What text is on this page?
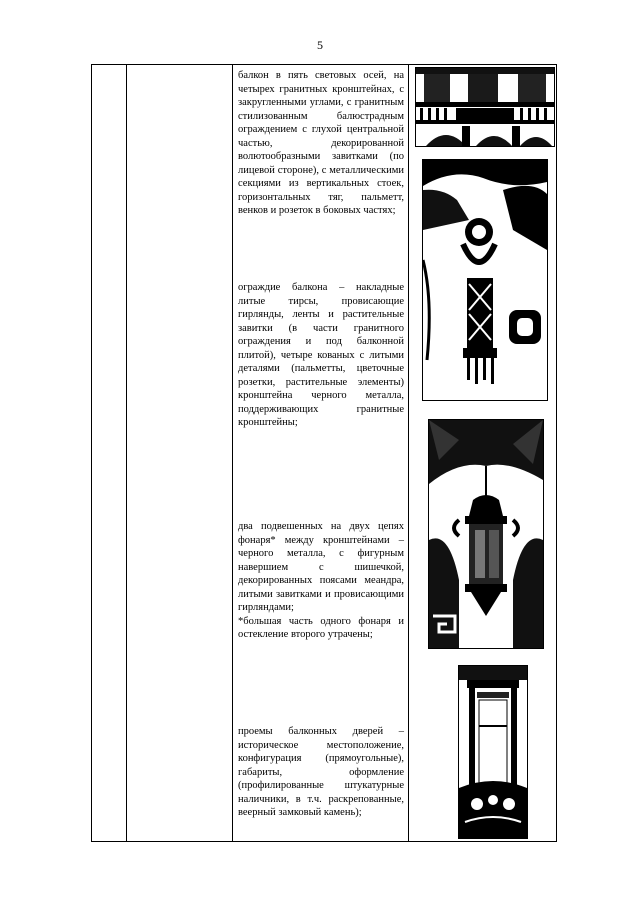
5
балкон в пять световых осей, на четырех гранитных кронштейнах, с закругленными углами, с гранитным стилизованным балюстрадным ограждением с глухой центральной частью, декорированной волютообразными завитками (по лицевой стороне), с металлическими секциями из вертикальных стоек, горизонтальных тяг, пальметт, венков и розеток в боковых частях;
ограждие балкона – накладные литые тирсы, провисающие гирлянды, ленты и растительные завитки (в части гранитного ограждения и под балконной плитой), четыре кованых с литыми деталями (пальметты, цветочные розетки, растительные элементы) кронштейна черного металла, поддерживающих гранитные кронштейны;

два подвешенных на двух цепях фонаря* между кронштейнами – черного металла, с фигурным навершием с шишечкой, декорированных поясами меандра, литыми завитками и провисающими гирляндами;

*большая часть одного фонаря и остекление второго утрачены;

проемы балконных дверей – историческое местоположение, конфигурация (прямоугольные), габариты, оформление (профилированные штукатурные наличники, в т.ч. раскрепованные, веерный замковый камень);
